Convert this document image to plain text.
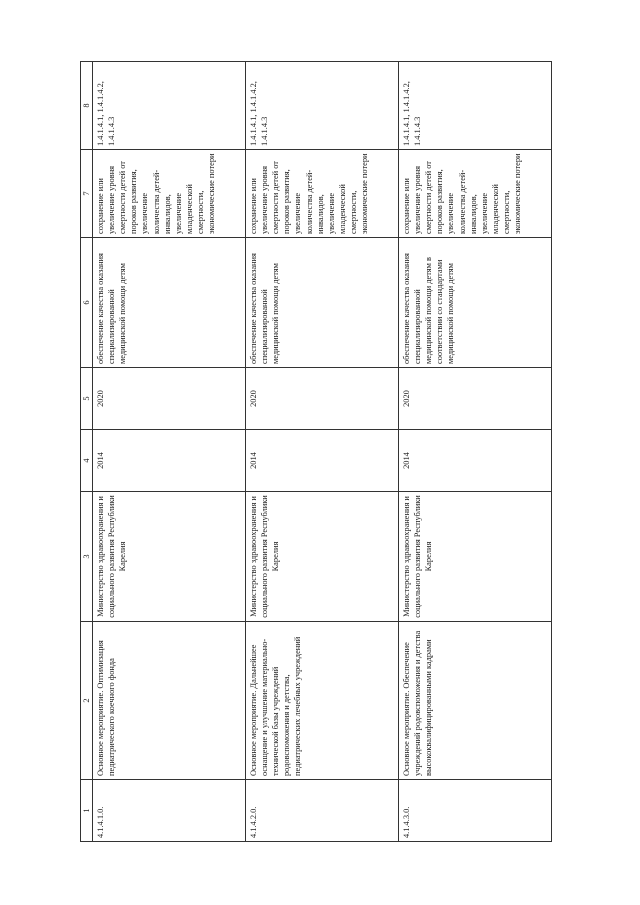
1	2	3	4	5	6	7	8
4.1.4.1.0.	Основное мероприятие. Оптимизация педиатрического коечного фонда	Министерство здравоохранения и социального развития Республики Карелия	2014	2020	обеспечение качества оказания специализированной медицинской помощи детям	сохранение или увеличение уровня смертности детей от пороков развития, увеличение количества детей-инвалидов, увеличение младенческой смертности, экономические потери	1.4.1.4.1, 1.4.1.4.2, 1.4.1.4.3
4.1.4.2.0.	Основное мероприятие. Дальнейшее оснащение и улучшение материально-технической базы учреждений родовспоможения и детства, педиатрических лечебных учреждений	Министерство здравоохранения и социального развития Республики Карелия	2014	2020	обеспечение качества оказания специализированной медицинской помощи детям	сохранение или увеличение уровня смертности детей от пороков развития, увеличение количества детей-инвалидов, увеличение младенческой смертности, экономические потери	1.4.1.4.1, 1.4.1.4.2, 1.4.1.4.3
4.1.4.3.0.	Основное мероприятие. Обеспечение учреждений родовспоможения и детства высококвалифицированными кадрами	Министерство здравоохранения и социального развития Республики Карелия	2014	2020	обеспечение качества оказания специализированной медицинской помощи детям в соответствии со стандартами медицинской помощи детям	сохранение или увеличение уровня смертности детей от пороков развития, увеличение количества детей-инвалидов, увеличение младенческой смертности, экономические потери	1.4.1.4.1, 1.4.1.4.2, 1.4.1.4.3
